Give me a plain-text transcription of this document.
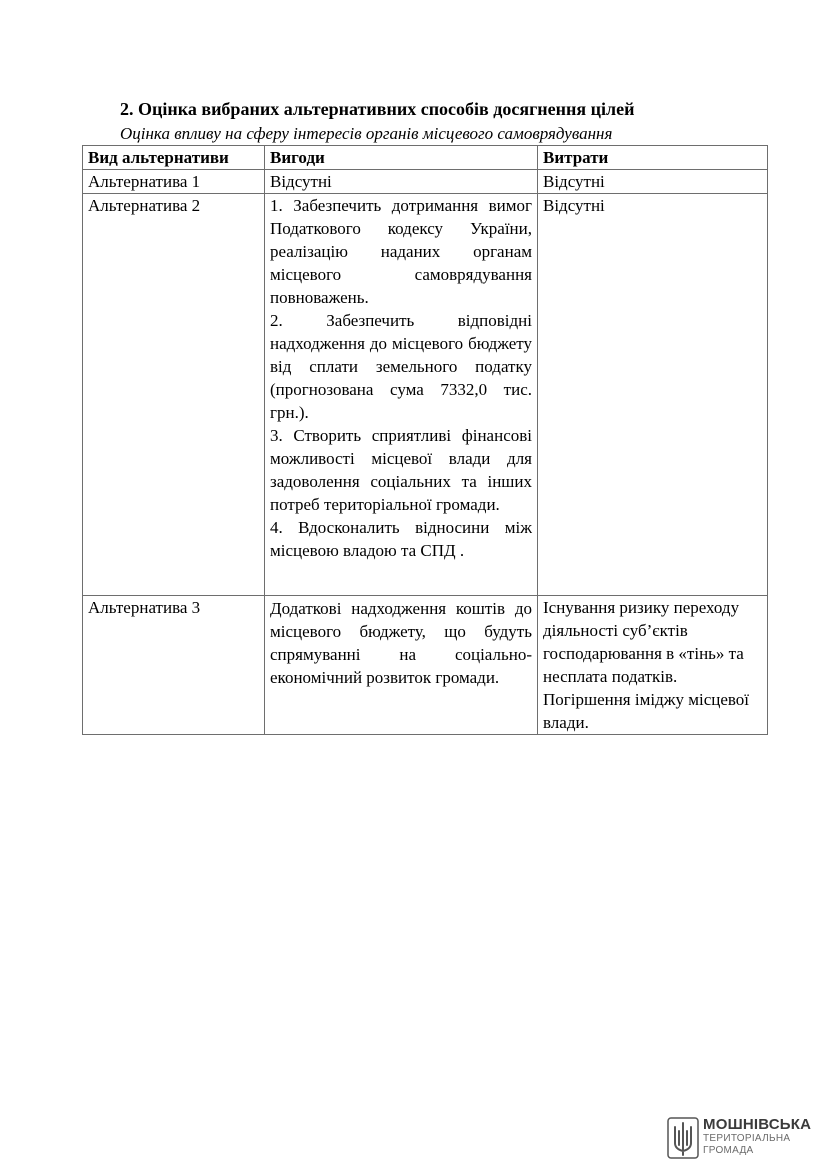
2. Оцінка вибраних альтернативних способів досягнення цілей
Оцінка впливу на сферу інтересів органів місцевого самоврядування
Вид альтернативи	Вигоди	Витрати
Альтернатива 1	Відсутні	Відсутні
Альтернатива 2	1. Забезпечить дотримання вимог Податкового кодексу України, реалізацію наданих органам місцевого самоврядування повноважень.
2. Забезпечить відповідні надходження до місцевого бюджету від сплати земельного податку (прогнозована сума 7332,0 тис. грн.).
3. Створить сприятливі фінансові можливості місцевої влади для задоволення соціальних та інших потреб територіальної громади.
4. Вдосконалить відносини між місцевою владою та СПД .	Відсутні
Альтернатива 3	Додаткові надходження коштів до місцевого бюджету, що будуть спрямуванні на соціально- економічний розвиток громади.	Існування ризику переходу діяльності суб’єктів господарювання в «тінь» та несплата податків. Погіршення іміджу місцевої влади.
МОШНІВСЬКА
ТЕРИТОРІАЛЬНА
ГРОМАДА
